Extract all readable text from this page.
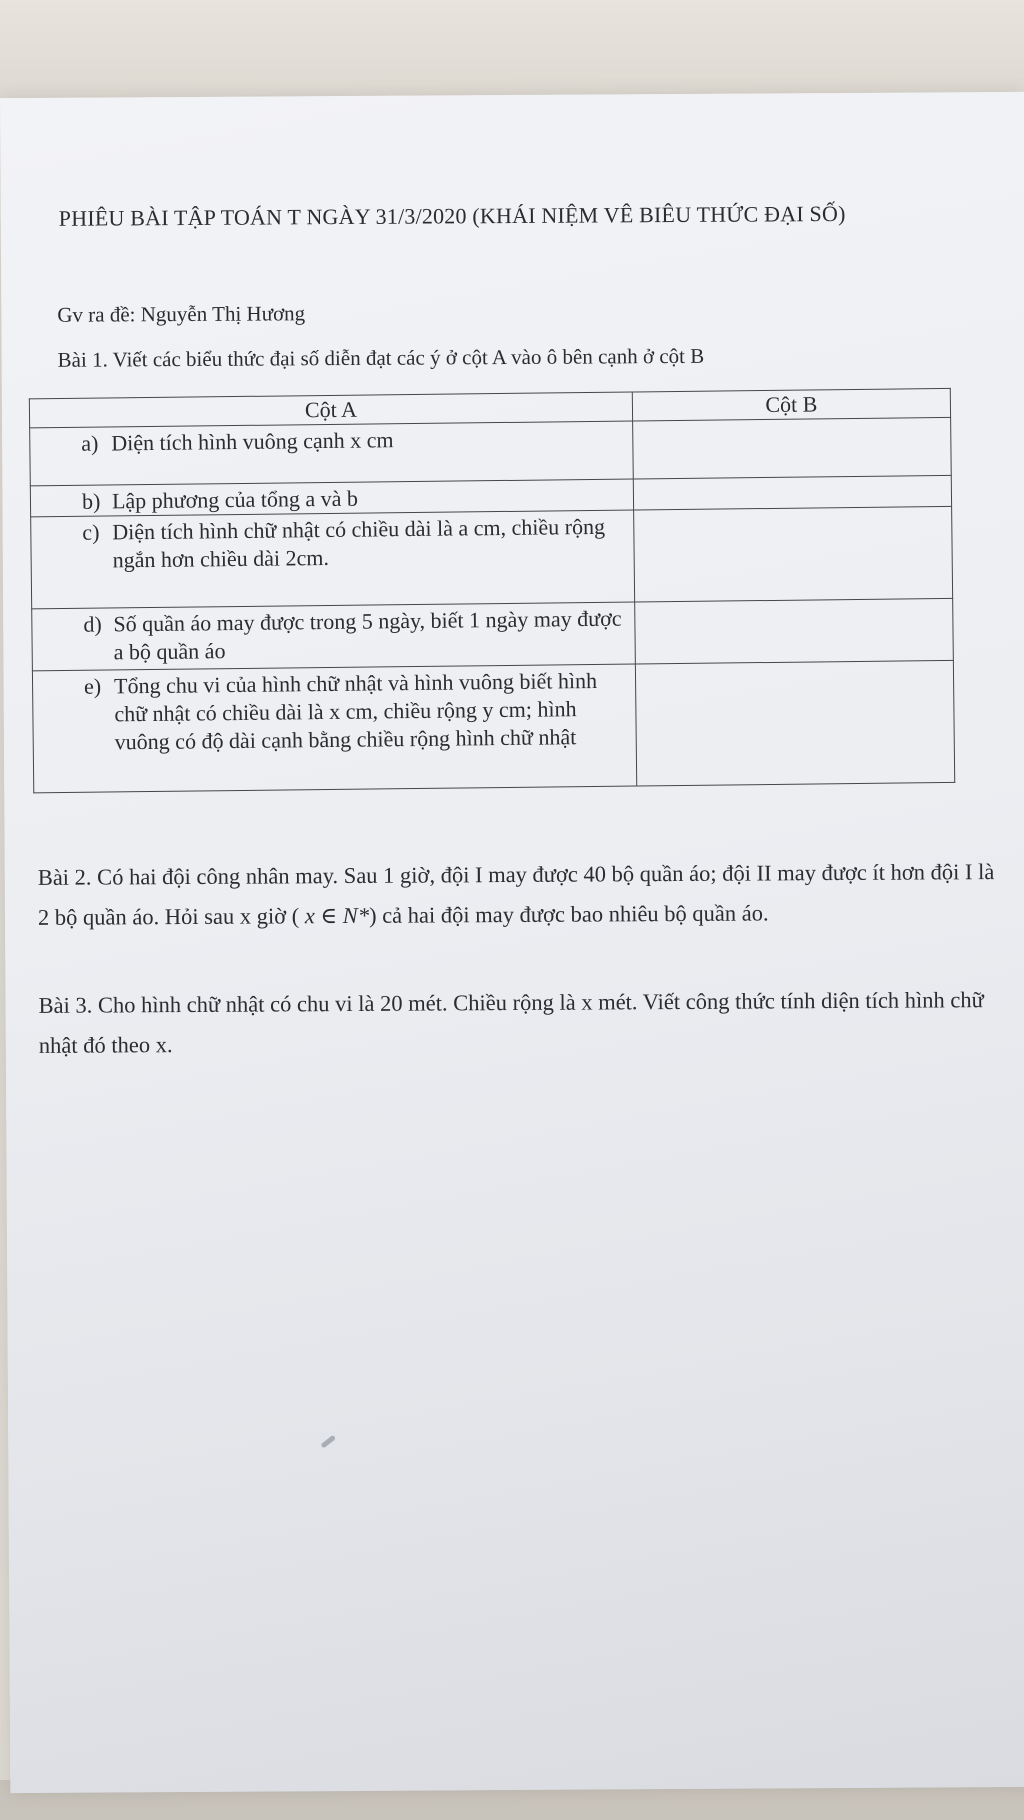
PHIÊU BÀI TẬP TOÁN T NGÀY 31/3/2020 (KHÁI NIỆM VÊ BIÊU THỨC ĐẠI SỐ)

Gv ra đề: Nguyễn Thị Hương

Bài 1. Viết các biểu thức đại số diễn đạt các ý ở cột A vào ô bên cạnh ở cột B

Cột A	Cột B

a) Diện tích hình vuông cạnh x cm	

b) Lập phương của tổng a và b	

c) Diện tích hình chữ nhật có chiều dài là a cm, chiều rộng ngắn hơn chiều dài 2cm.	

d) Số quần áo may được trong 5 ngày, biết 1 ngày may được a bộ quần áo	

e) Tổng chu vi của hình chữ nhật và hình vuông biết hình chữ nhật có chiều dài là x cm, chiều rộng y cm; hình vuông có độ dài cạnh bằng chiều rộng hình chữ nhật	

Bài 2. Có hai đội công nhân may. Sau 1 giờ, đội I may được 40 bộ quần áo; đội II may được ít hơn đội I là 2 bộ quần áo. Hỏi sau x giờ ( x ∈ N*) cả hai đội may được bao nhiêu bộ quần áo.

Bài 3. Cho hình chữ nhật có chu vi là 20 mét. Chiều rộng là x mét. Viết công thức tính diện tích hình chữ nhật đó theo x.
